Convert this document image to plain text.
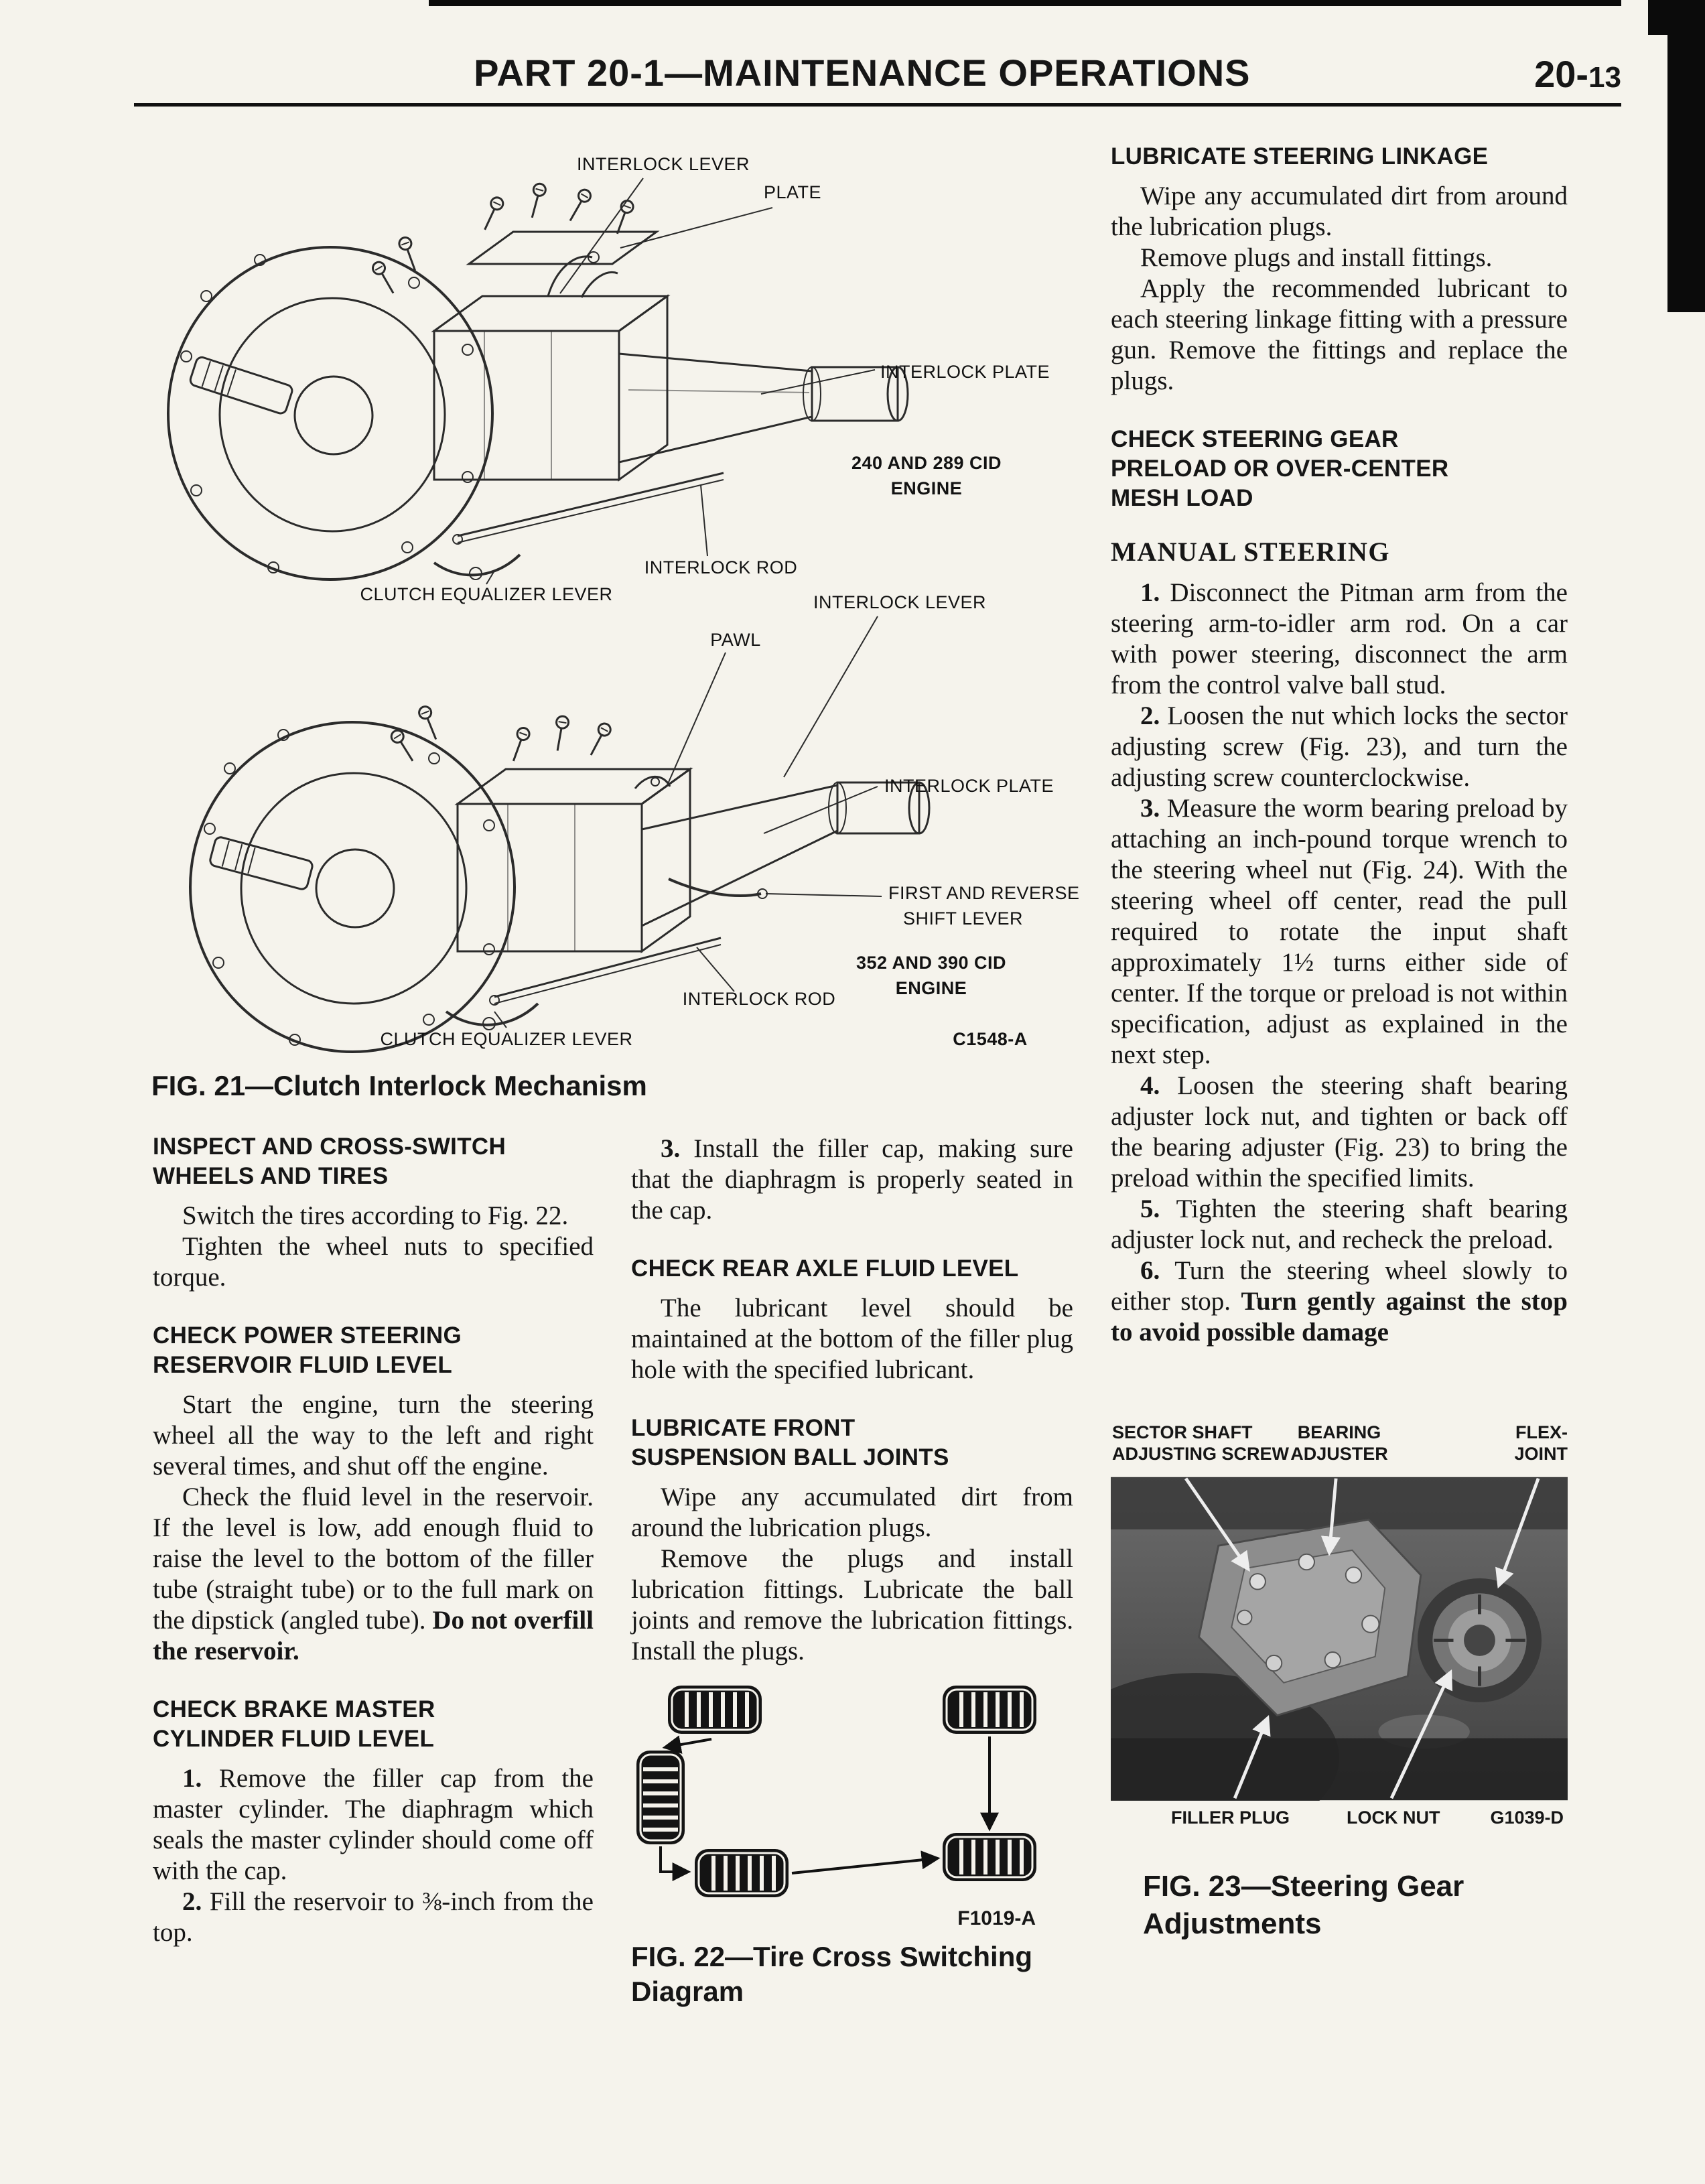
PART 20-1—MAINTENANCE OPERATIONS	20-13
INTERLOCK LEVER
PLATE
INTERLOCK PLATE
240 AND 289 CID
ENGINE
INTERLOCK ROD
CLUTCH EQUALIZER LEVER	INTERLOCK LEVER
PAWL
INTERLOCK PLATE
FIRST AND REVERSE
SHIFT LEVER
352 AND 390 CID
ENGINE
INTERLOCK ROD
CLUTCH EQUALIZER LEVER	C1548-A
FIG. 21—Clutch Interlock Mechanism
INSPECT AND CROSS-SWITCH
WHEELS AND TIRES

Switch the tires according to Fig. 22.

Tighten the wheel nuts to specified torque.

CHECK POWER STEERING
RESERVOIR FLUID LEVEL

Start the engine, turn the steering wheel all the way to the left and right several times, and shut off the engine.

Check the fluid level in the reservoir. If the level is low, add enough fluid to raise the level to the bottom of the filler tube (straight tube) or to the full mark on the dipstick (angled tube). Do not overfill the reservoir.

CHECK BRAKE MASTER
CYLINDER FLUID LEVEL

1. Remove the filler cap from the master cylinder. The diaphragm which seals the master cylinder should come off with the cap.

2. Fill the reservoir to ⅜-inch from the top.

3. Install the filler cap, making sure that the diaphragm is properly seated in the cap.

CHECK REAR AXLE FLUID LEVEL

The lubricant level should be maintained at the bottom of the filler plug hole with the specified lubricant.

LUBRICATE FRONT
SUSPENSION BALL JOINTS

Wipe any accumulated dirt from around the lubrication plugs.

Remove the plugs and install lubrication fittings. Lubricate the ball joints and remove the lubrication fittings. Install the plugs.

F1019-A
FIG. 22—Tire Cross Switching
Diagram
LUBRICATE STEERING LINKAGE

Wipe any accumulated dirt from around the lubrication plugs.

Remove plugs and install fittings.

Apply the recommended lubricant to each steering linkage fitting with a pressure gun. Remove the fittings and replace the plugs.

CHECK STEERING GEAR
PRELOAD OR OVER-CENTER
MESH LOAD
MANUAL STEERING

1. Disconnect the Pitman arm from the steering arm-to-idler arm rod. On a car with power steering, disconnect the arm from the control valve ball stud.

2. Loosen the nut which locks the sector adjusting screw (Fig. 23), and turn the adjusting screw counterclockwise.

3. Measure the worm bearing preload by attaching an inch-pound torque wrench to the steering wheel nut (Fig. 24). With the steering wheel off center, read the pull required to rotate the input shaft approximately 1½ turns either side of center. If the torque or preload is not within specification, adjust as explained in the next step.

4. Loosen the steering shaft bearing adjuster lock nut, and tighten or back off the bearing adjuster (Fig. 23) to bring the preload within the specified limits.

5. Tighten the steering shaft bearing adjuster lock nut, and recheck the preload.

6. Turn the steering wheel slowly to either stop. Turn gently against the stop to avoid possible damage

SECTOR SHAFT
ADJUSTING SCREW
BEARING
ADJUSTER
FLEX-
JOINT
FILLER PLUG	LOCK NUT	G1039-D
FIG. 23—Steering Gear
Adjustments
